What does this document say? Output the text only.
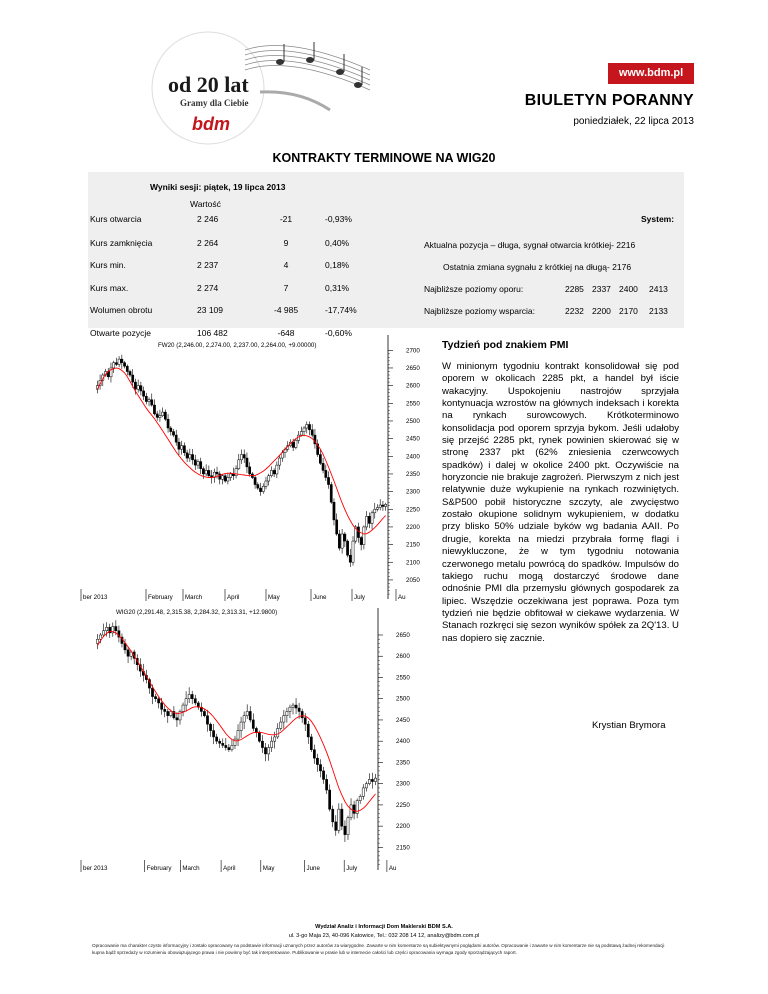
od 20 lat
Gramy dla Ciebie
bdm
www.bdm.pl
BIULETYN PORANNY
poniedziałek, 22 lipca 2013
KONTRAKTY TERMINOWE NA WIG20
Wyniki sesji: piątek, 19 lipca 2013
Wartość
System:
Kurs otwarcia	2 246	-21	-0,93%
Kurs zamknięcia	2 264	9	0,40%
Kurs min.	2 237	4	0,18%
Kurs max.	2 274	7	0,31%
Wolumen obrotu	23 109	-4 985	-17,74%
Otwarte pozycje	106 482	-648	-0,60%
Aktualna pozycja – długa, sygnał otwarcia krótkiej- 2216
Ostatnia zmiana sygnału z krótkiej na długą- 2176
Najbliższe poziomy oporu:	2285 2337 2400 2413
Najbliższe poziomy wsparcia:	2232 2200 2170 2133
FW20 (2,246.00, 2,274.00, 2,237.00, 2,264.00, +9.00000)
2700
2650
2600
2550
2500
2450
2400
2350
2300
2250
2200
2150
2100
2050
ber 2013	February March	April	May	June	July	Au
WIG20 (2,291.48, 2,315.38, 2,284.32, 2,313.31, +12.9800)
2650
2600
2550
2500
2450
2400
2350
2300
2250
2200
2150
ber 2013	February March	April	May	June	July	Au
Tydzień pod znakiem PMI

W minionym tygodniu kontrakt konsolidował się pod oporem w okolicach 2285 pkt, a handel był iście wakacyjny. Uspokojeniu nastrojów sprzyjała kontynuacja wzrostów na głównych indeksach i korekta na rynkach surowcowych. Krótkoterminowo konsolidacja pod oporem sprzyja bykom. Jeśli udałoby się przejść 2285 pkt, rynek powinien skierować się w stronę 2337 pkt (62% zniesienia czerwcowych spadków) i dalej w okolice 2400 pkt. Oczywiście na horyzoncie nie brakuje zagrożeń. Pierwszym z nich jest relatywnie duże wykupienie na rynkach rozwiniętych. S&P500 pobił historyczne szczyty, ale zwycięstwo zostało okupione solidnym wykupieniem, w dodatku przy blisko 50% udziale byków wg badania AAII. Po drugie, korekta na miedzi przybrała formę flagi i niewykluczone, że w tym tygodniu notowania czerwonego metalu powrócą do spadków. Impulsów do takiego ruchu mogą dostarczyć środowe dane odnośnie PMI dla przemysłu głównych gospodarek za lipiec. Wszędzie oczekiwana jest poprawa. Poza tym tydzień nie będzie obfitował w ciekawe wydarzenia. W Stanach rozkręci się sezon wyników spółek za 2Q'13. U nas dopiero się zacznie.

Krystian Brymora
Wydział Analiz i Informacji Dom Maklerski BDM S.A.
ul. 3-go Maja 23, 40-096 Katowice, Tel.: 032 208 14 12, analizy@bdm.com.pl
Opracowanie ma charakter czysto informacyjny i zostało opracowany na podstawie informacji uznanych przez autorów za wiarygodne. Zawarte w nim komentarze są subiektywnymi poglądami autorów. Opracowanie i zawarte w nim komentarze nie są podstawą żadnej rekomendacji kupna bądź sprzedaży w rozumieniu obowiązującego prawa i nie powinny być tak interpretowane. Publikowanie w prasie lub w internecie całości lub części opracowania wymaga zgody sporządzających raport.
